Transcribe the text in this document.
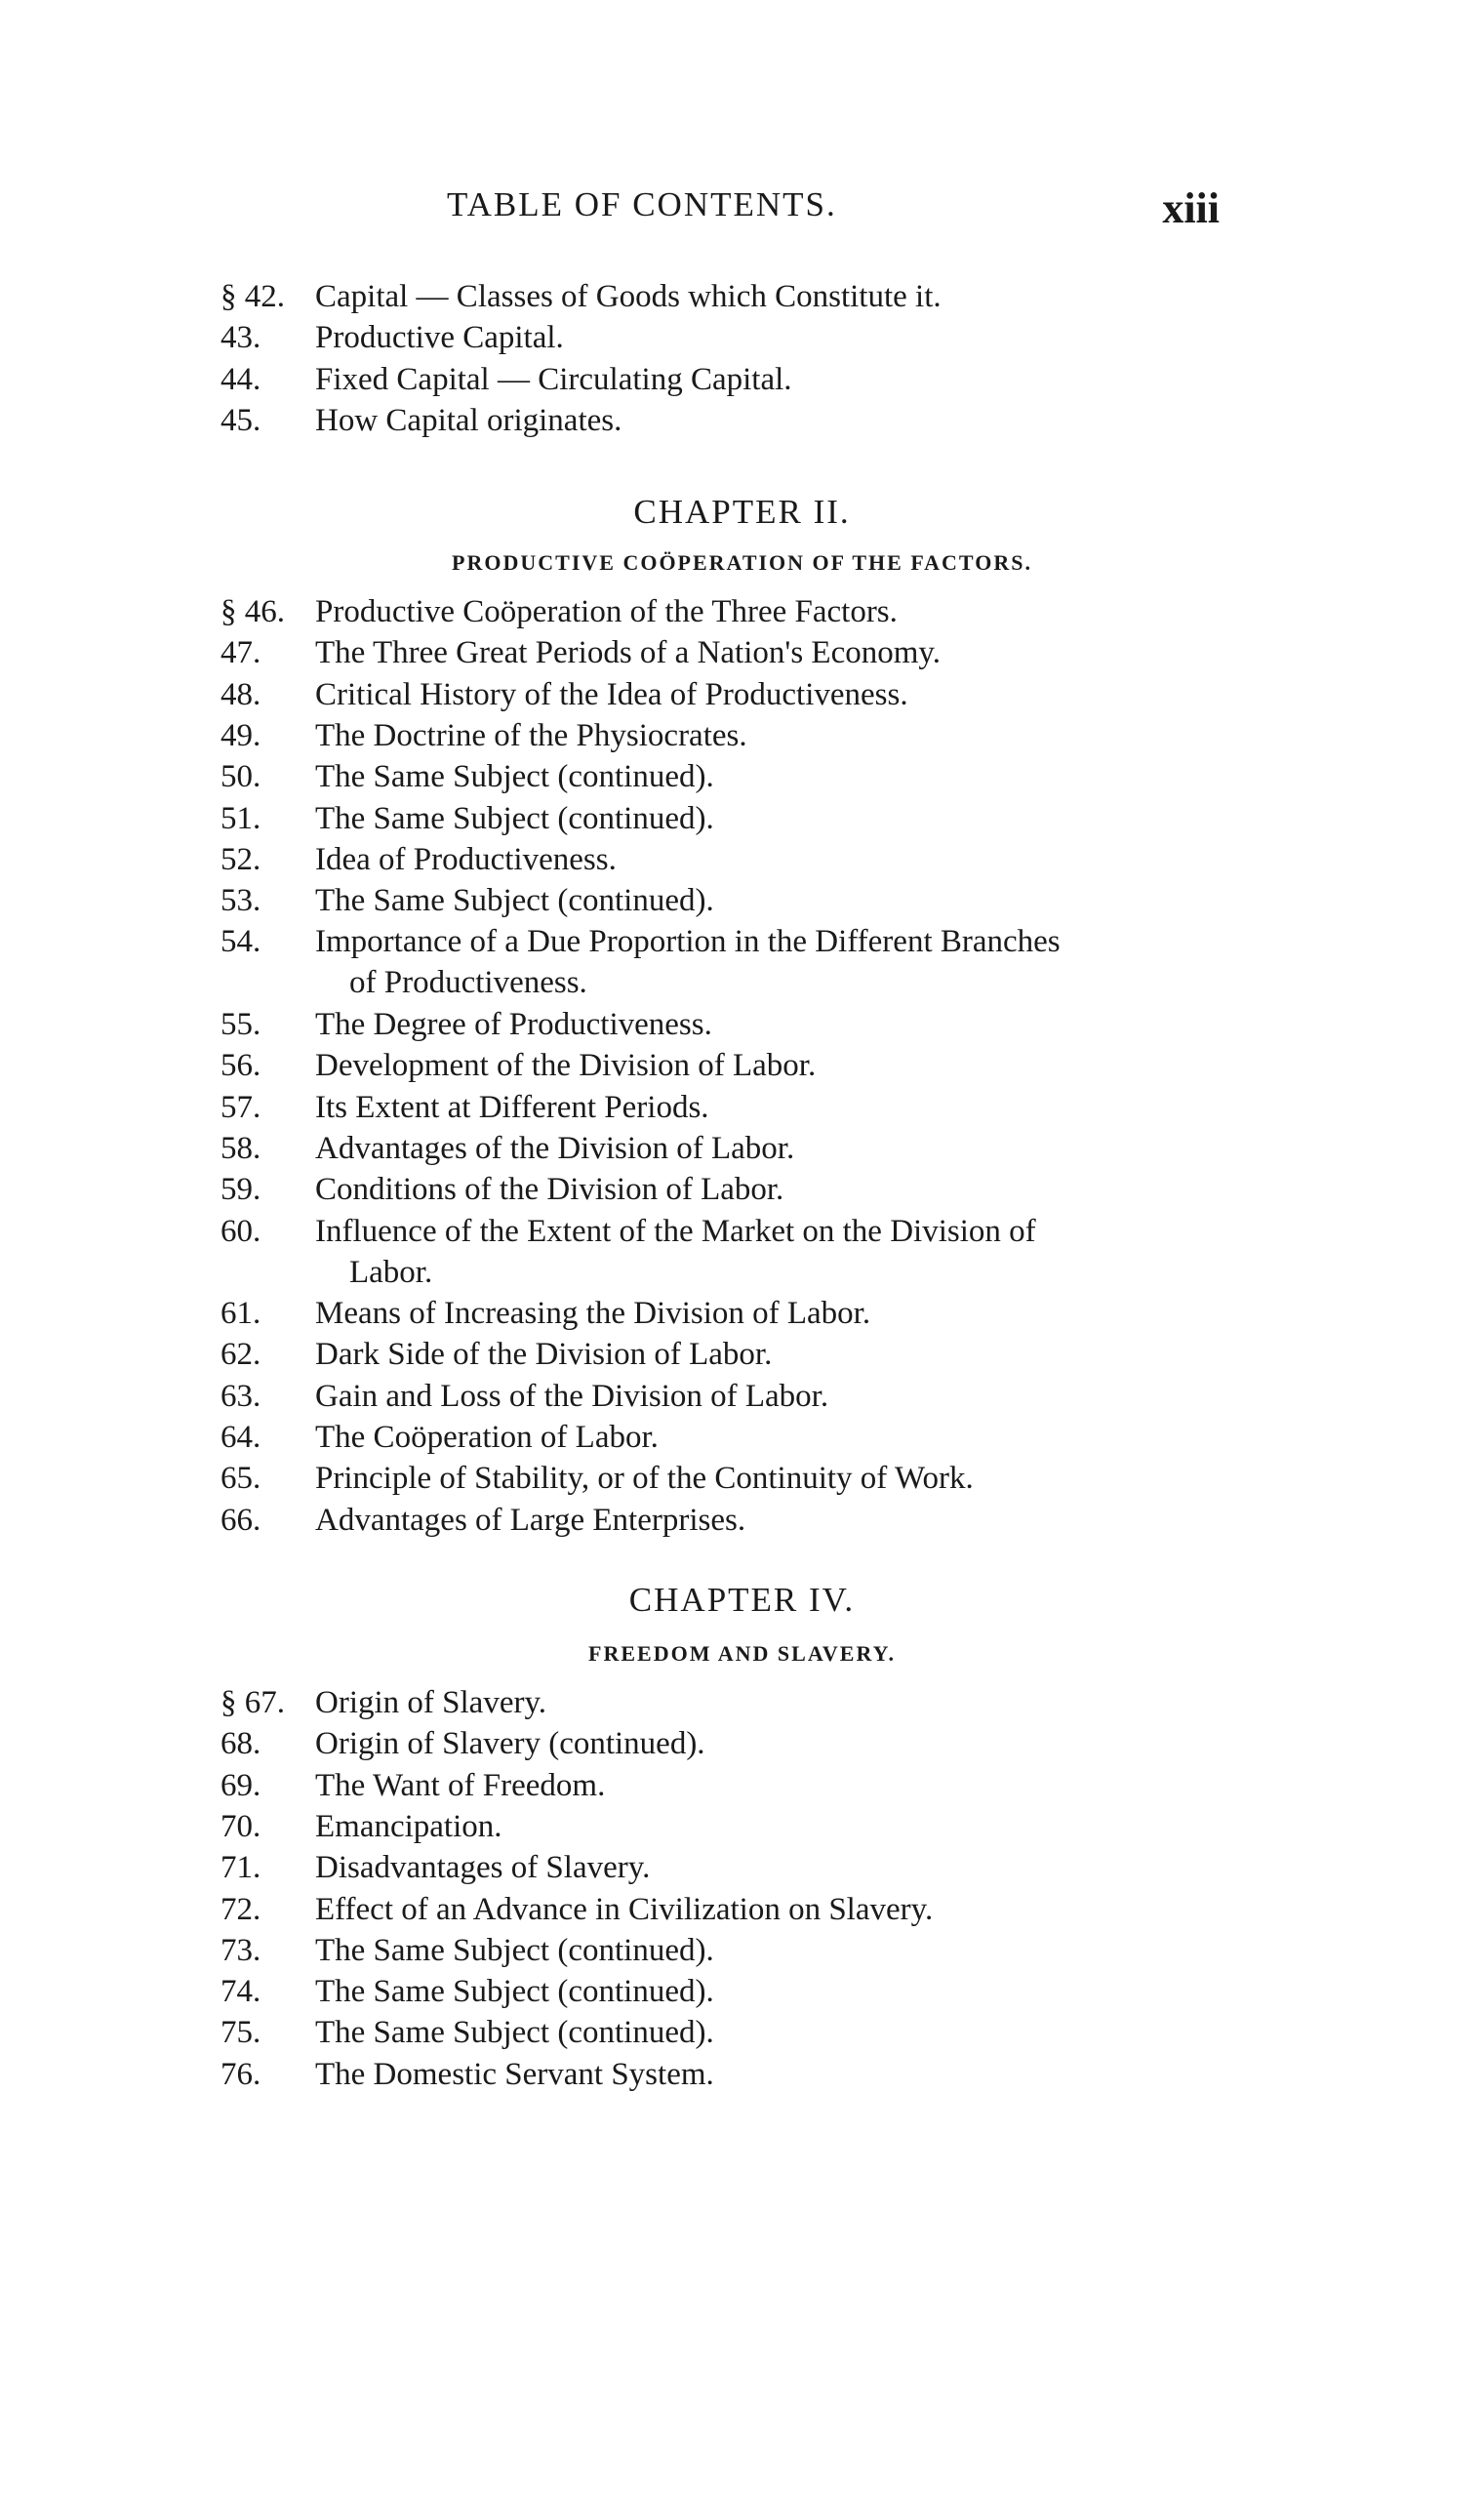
TABLE OF CONTENTS.	xiii
§ 42. Capital — Classes of Goods which Constitute it.
43.	Productive Capital.
44.	Fixed Capital — Circulating Capital.
45.	How Capital originates.
CHAPTER II.
PRODUCTIVE COÖPERATION OF THE FACTORS.
§ 46. Productive Coöperation of the Three Factors.
47.	The Three Great Periods of a Nation's Economy.
48.	Critical History of the Idea of Productiveness.
49.	The Doctrine of the Physiocrates.
50.	The Same Subject (continued).
51.	The Same Subject (continued).
52.	Idea of Productiveness.
53.	The Same Subject (continued).
54.	Importance of a Due Proportion in the Different Branches
of Productiveness.
55.	The Degree of Productiveness.
56.	Development of the Division of Labor.
57.	Its Extent at Different Periods.
58.	Advantages of the Division of Labor.
59.	Conditions of the Division of Labor.
60.	Influence of the Extent of the Market on the Division of
Labor.
61.	Means of Increasing the Division of Labor.
62.	Dark Side of the Division of Labor.
63.	Gain and Loss of the Division of Labor.
64.	The Coöperation of Labor.
65.	Principle of Stability, or of the Continuity of Work.
66.	Advantages of Large Enterprises.
CHAPTER IV.
FREEDOM AND SLAVERY.
§ 67. Origin of Slavery.
68.	Origin of Slavery (continued).
69.	The Want of Freedom.
70.	Emancipation.
71.	Disadvantages of Slavery.
72.	Effect of an Advance in Civilization on Slavery.
73.	The Same Subject (continued).
74.	The Same Subject (continued).
75.	The Same Subject (continued).
76.	The Domestic Servant System.
